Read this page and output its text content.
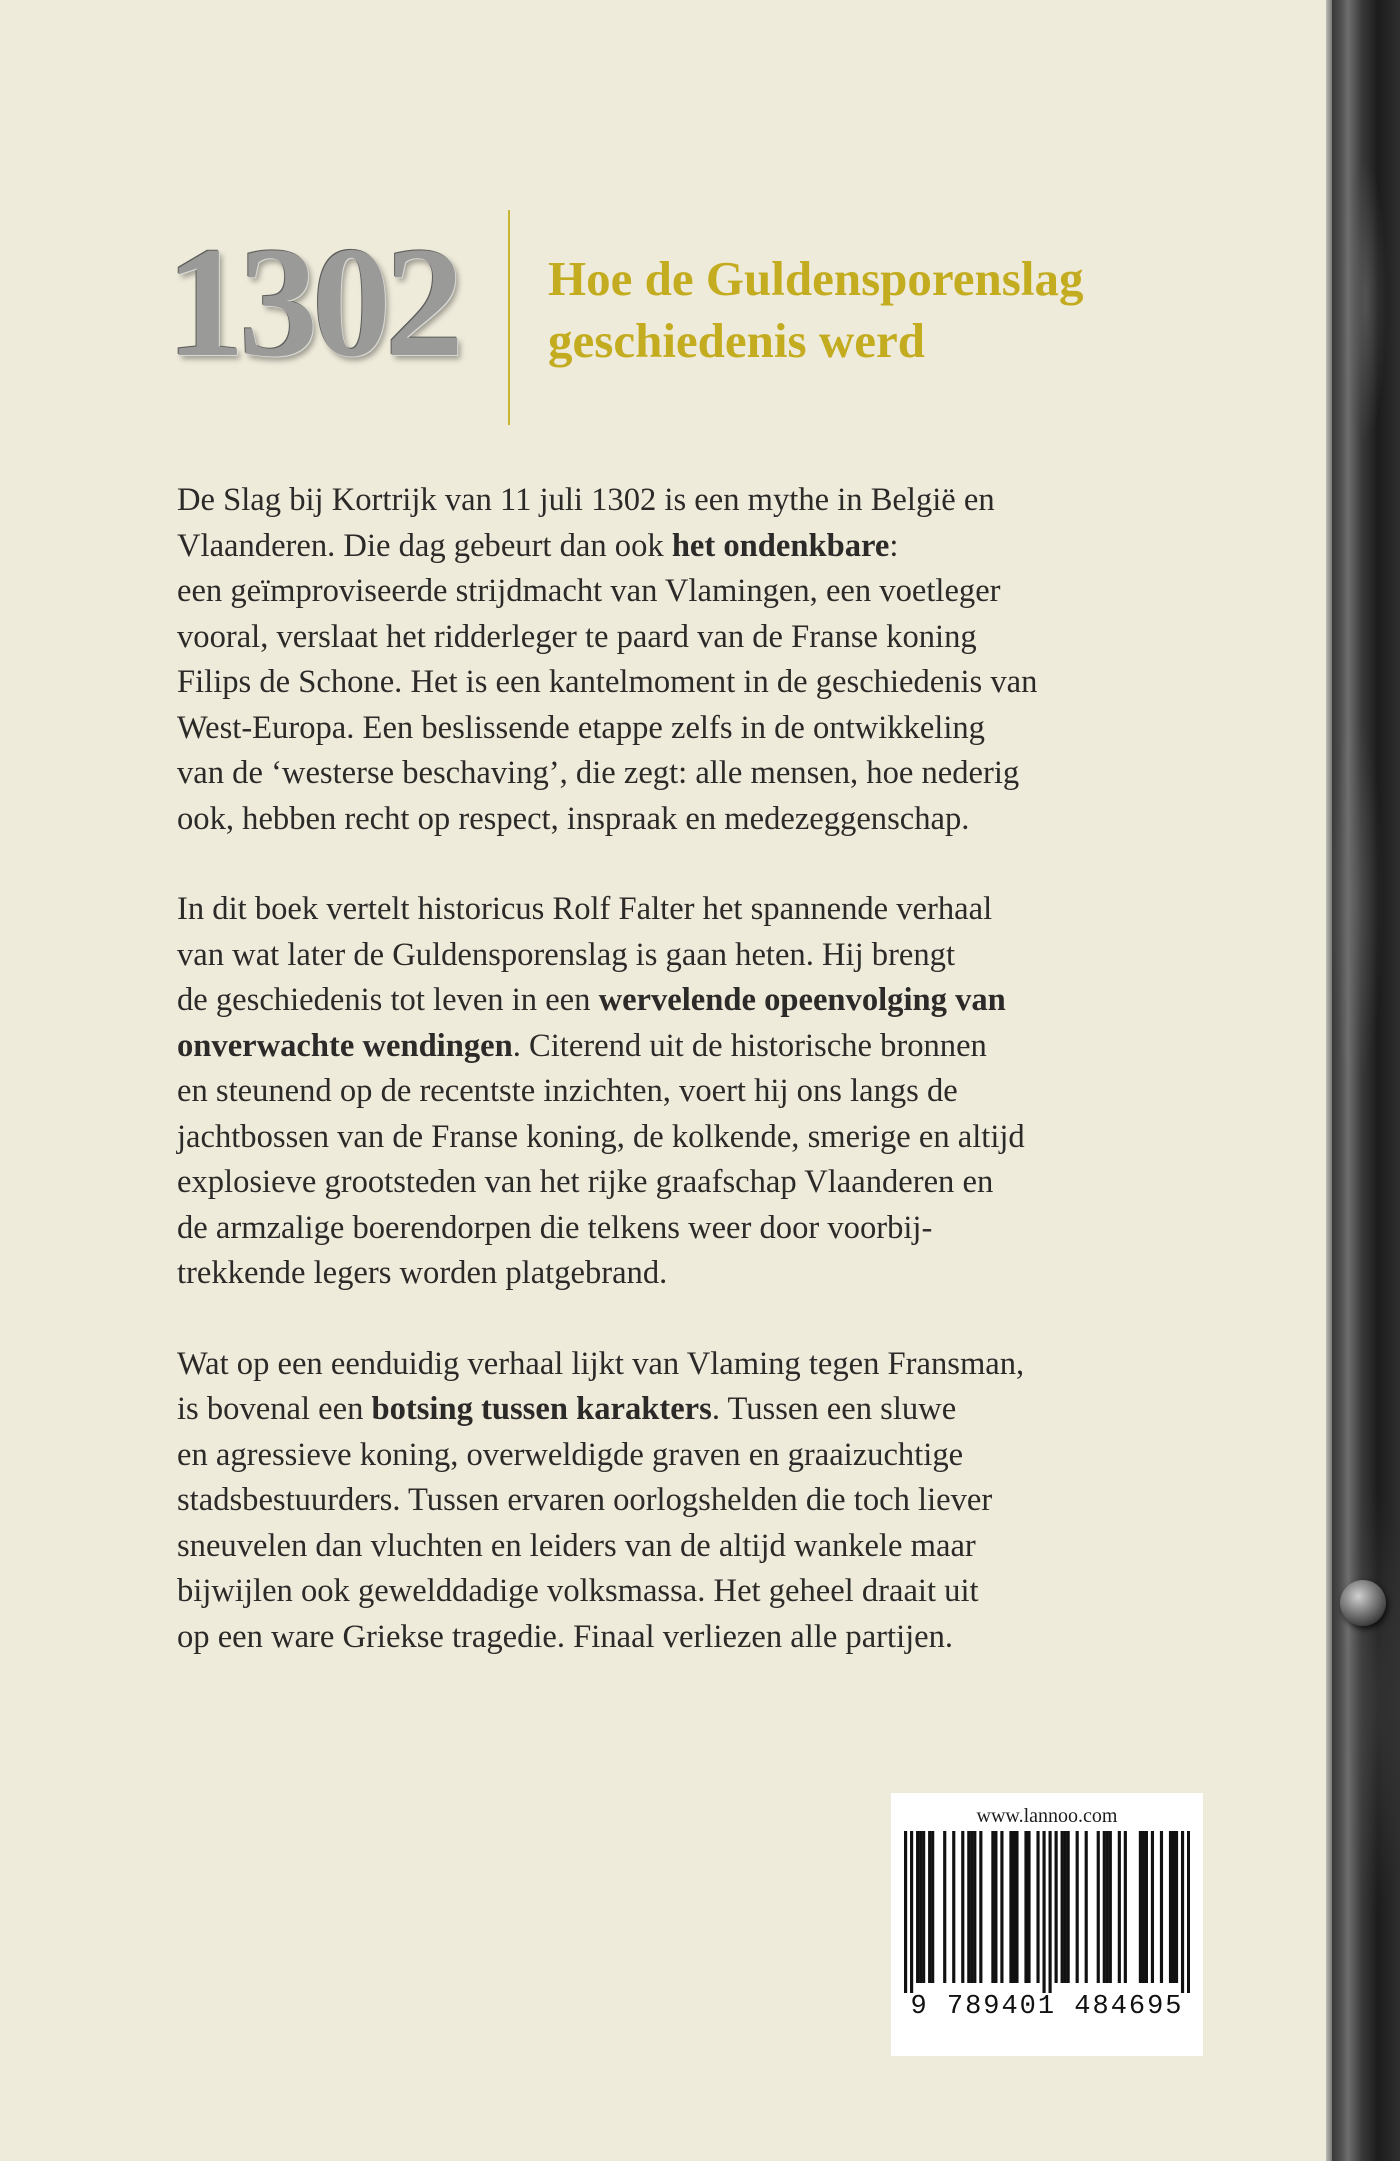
1302 Hoe de Guldensporenslag
geschiedenis werd
De Slag bij Kortrijk van 11 juli 1302 is een mythe in België en
Vlaanderen. Die dag gebeurt dan ook het ondenkbare:
een geïmproviseerde strijdmacht van Vlamingen, een voetleger
vooral, verslaat het ridderleger te paard van de Franse koning
Filips de Schone. Het is een kantelmoment in de geschiedenis van
West-Europa. Een beslissende etappe zelfs in de ontwikkeling
van de ‘westerse beschaving’, die zegt: alle mensen, hoe nederig
ook, hebben recht op respect, inspraak en medezeggenschap.
In dit boek vertelt historicus Rolf Falter het spannende verhaal
van wat later de Guldensporenslag is gaan heten. Hij brengt
de geschiedenis tot leven in een wervelende opeenvolging van
onverwachte wendingen. Citerend uit de historische bronnen
en steunend op de recentste inzichten, voert hij ons langs de
jachtbossen van de Franse koning, de kolkende, smerige en altijd
explosieve grootsteden van het rijke graafschap Vlaanderen en
de armzalige boerendorpen die telkens weer door voorbij-
trekkende legers worden platgebrand.
Wat op een eenduidig verhaal lijkt van Vlaming tegen Fransman,
is bovenal een botsing tussen karakters. Tussen een sluwe
en agressieve koning, overweldigde graven en graaizuchtige
stadsbestuurders. Tussen ervaren oorlogshelden die toch liever
sneuvelen dan vluchten en leiders van de altijd wankele maar
bijwijlen ook gewelddadige volksmassa. Het geheel draait uit
op een ware Griekse tragedie. Finaal verliezen alle partijen.
www.lannoo.com
9 789401 484695
